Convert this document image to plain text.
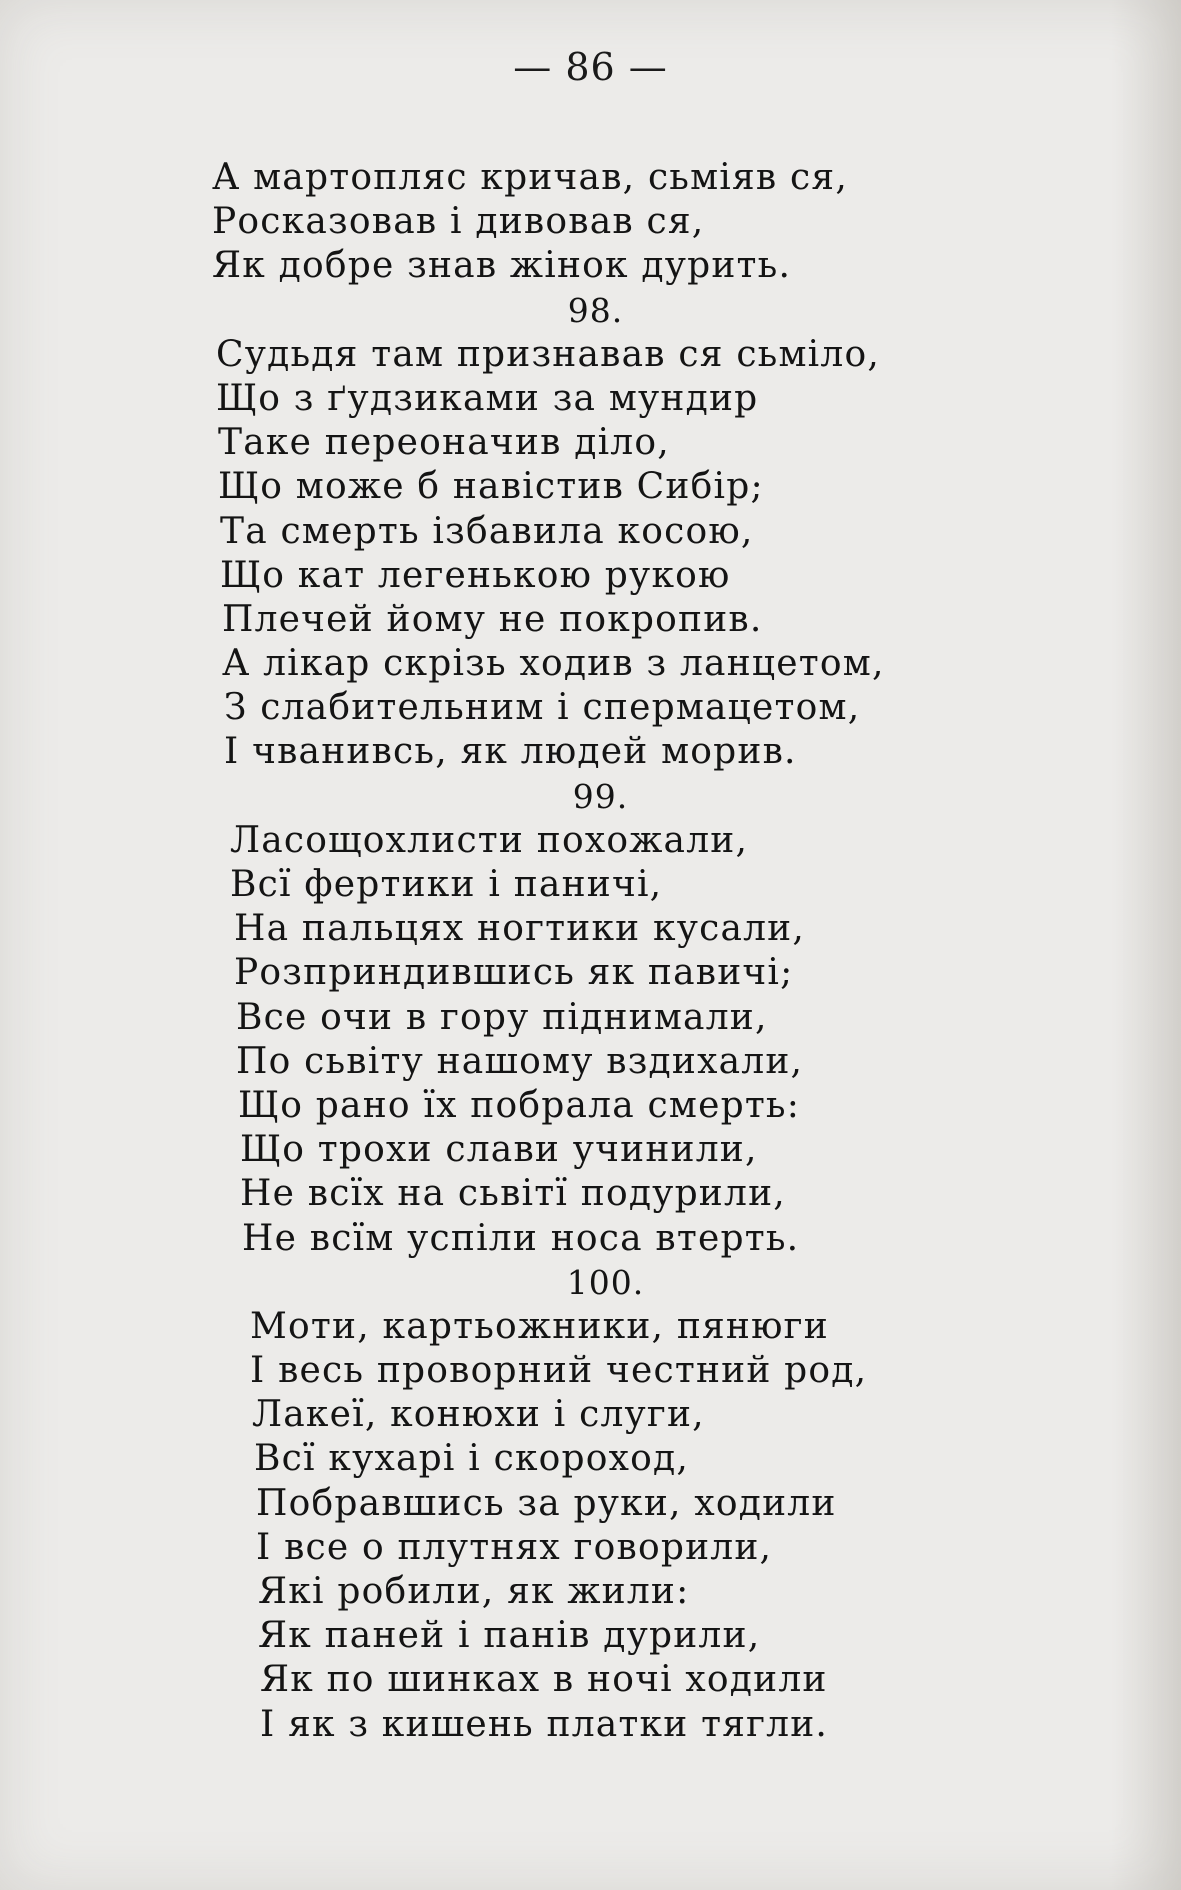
— 86 —
А мартопляс кричав, сьміяв ся,
Росказовав і дивовав ся,
Як добре знав жінок дурить.
98.
Судьдя там признавав ся сьміло,
Що з ґудзиками за мундир
Таке переоначив діло,
Що може б навістив Сибір;
Та смерть ізбавила косою,
Що кат легенькою рукою
Плечей йому не покропив.
А лікар скрізь ходив з ланцетом,
З слабительним і спермацетом,
І чванивсь, як людей морив.
99.
Ласощохлисти похожали,
Всї фертики і паничі,
На пальцях ногтики кусали,
Розприндившись як павичі;
Все очи в гору піднимали,
По сьвіту нашому вздихали,
Що рано їх побрала смерть:
Що трохи слави учинили,
Не всїх на сьвітї подурили,
Не всїм успіли носа втерть.
100.
Моти, картьожники, пянюги
І весь проворний честний род,
Лакеї, конюхи і слуги,
Всї кухарі і скороход,
Побравшись за руки, ходили
І все о плутнях говорили,
Які робили, як жили:
Як паней і панів дурили,
Як по шинках в ночі ходили
І як з кишень платки тягли.
